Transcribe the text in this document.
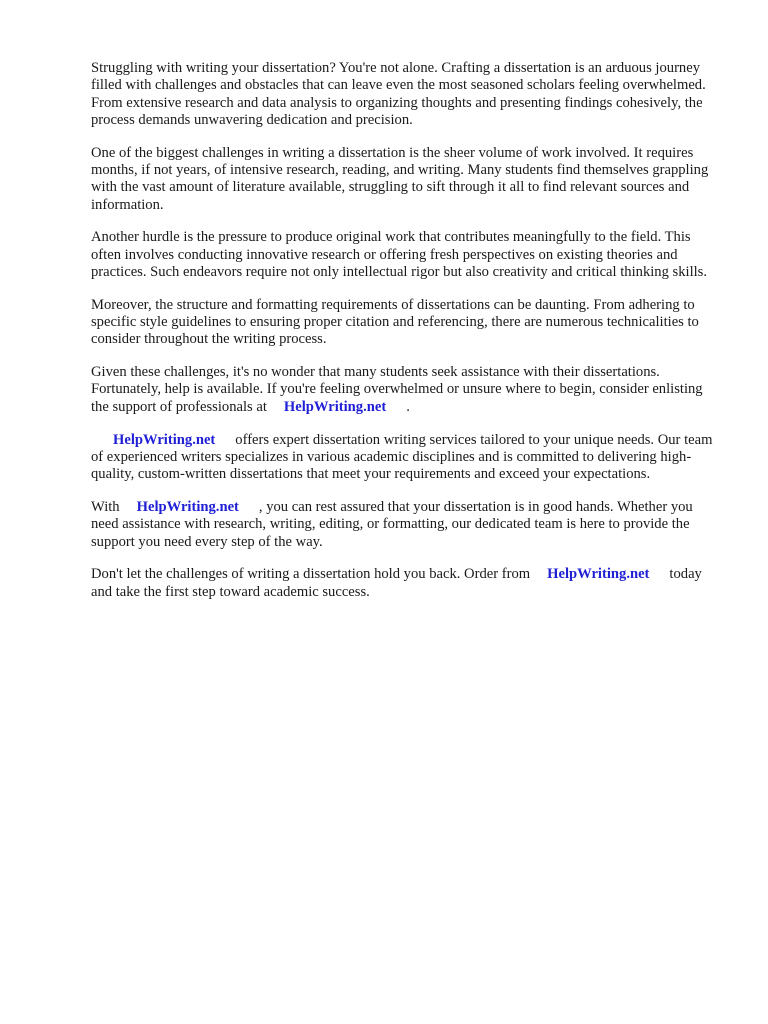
Struggling with writing your dissertation? You're not alone. Crafting a dissertation is an arduous journey filled with challenges and obstacles that can leave even the most seasoned scholars feeling overwhelmed. From extensive research and data analysis to organizing thoughts and presenting findings cohesively, the process demands unwavering dedication and precision.

One of the biggest challenges in writing a dissertation is the sheer volume of work involved. It requires months, if not years, of intensive research, reading, and writing. Many students find themselves grappling with the vast amount of literature available, struggling to sift through it all to find relevant sources and information.

Another hurdle is the pressure to produce original work that contributes meaningfully to the field. This often involves conducting innovative research or offering fresh perspectives on existing theories and practices. Such endeavors require not only intellectual rigor but also creativity and critical thinking skills.

Moreover, the structure and formatting requirements of dissertations can be daunting. From adhering to specific style guidelines to ensuring proper citation and referencing, there are numerous technicalities to consider throughout the writing process.

Given these challenges, it's no wonder that many students seek assistance with their dissertations. Fortunately, help is available. If you're feeling overwhelmed or unsure where to begin, consider enlisting the support of professionals at HelpWriting.net .

HelpWriting.net offers expert dissertation writing services tailored to your unique needs. Our team of experienced writers specializes in various academic disciplines and is committed to delivering high-quality, custom-written dissertations that meet your requirements and exceed your expectations.

With HelpWriting.net , you can rest assured that your dissertation is in good hands. Whether you need assistance with research, writing, editing, or formatting, our dedicated team is here to provide the support you need every step of the way.

Don't let the challenges of writing a dissertation hold you back. Order from HelpWriting.net today and take the first step toward academic success.
